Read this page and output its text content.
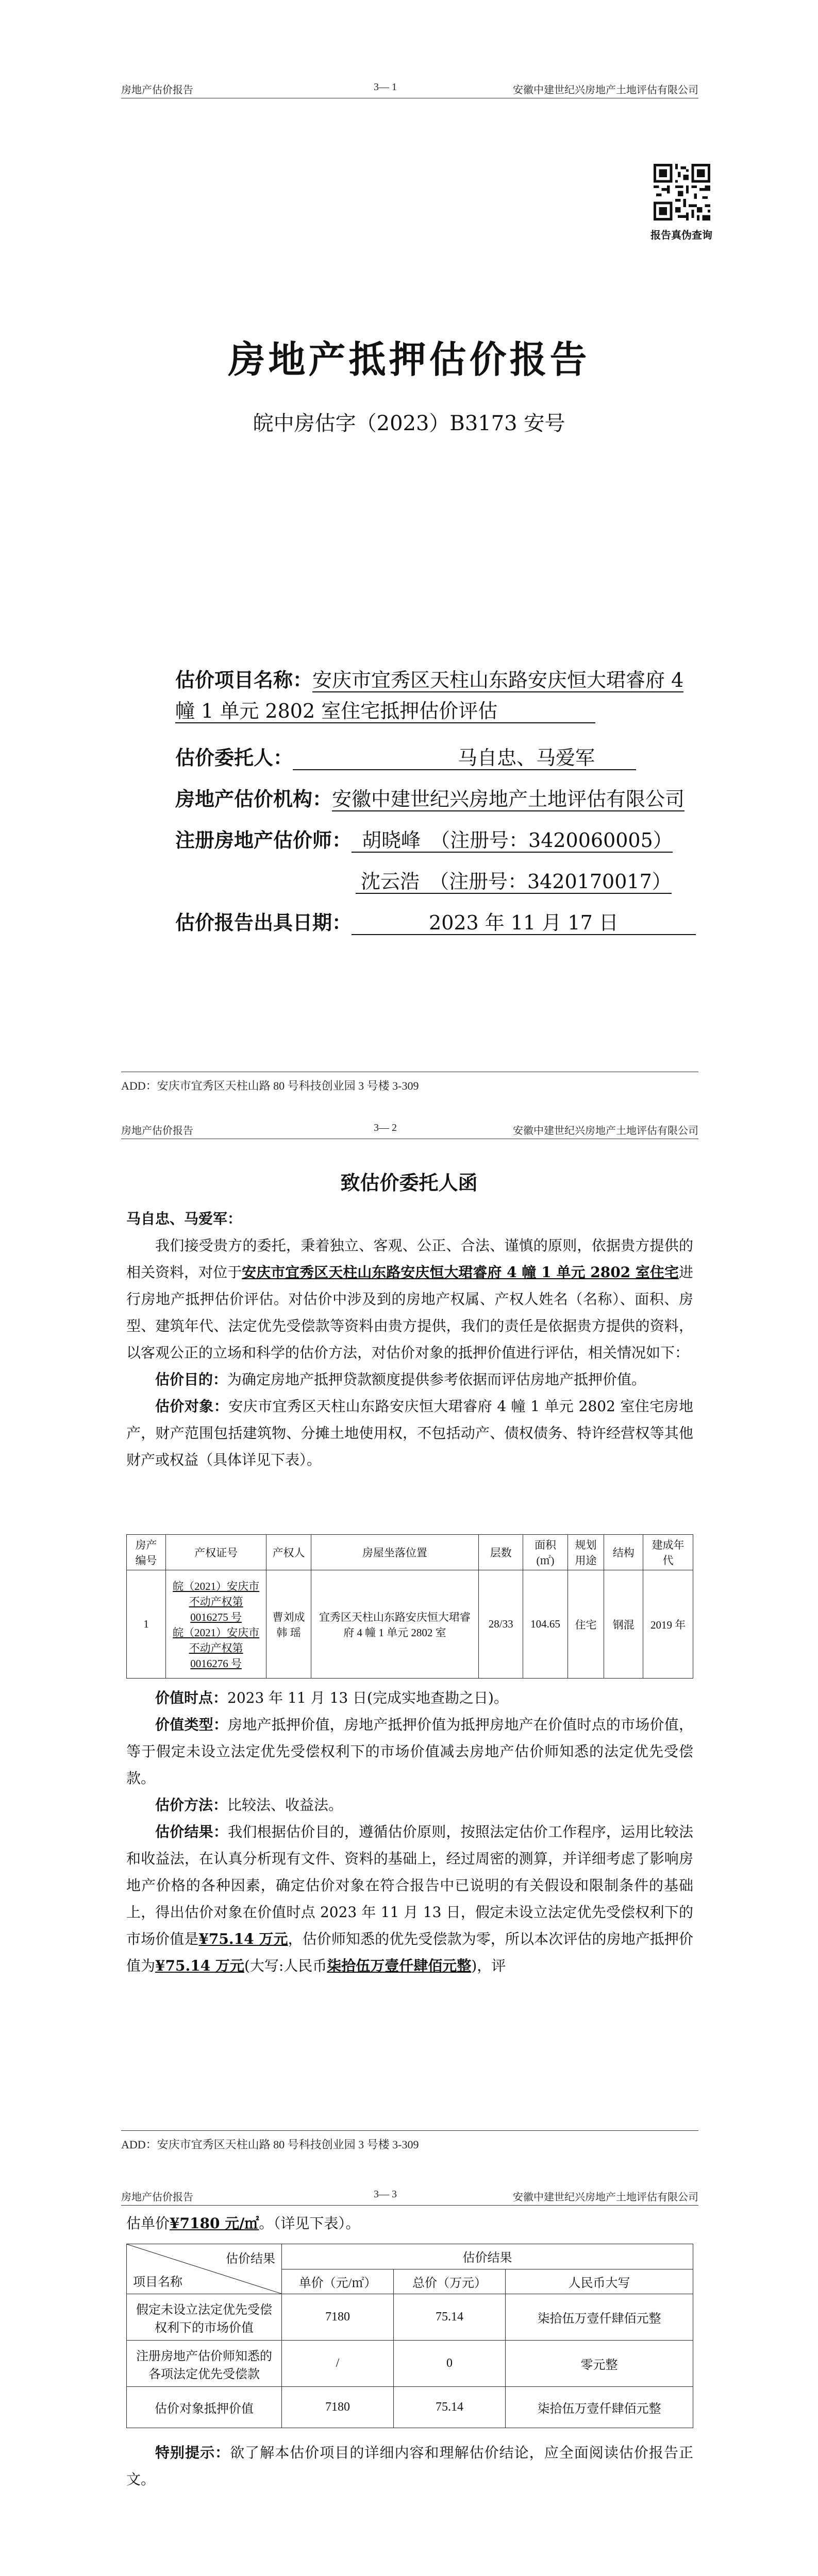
房地产估价报告	3— 1	安徽中建世纪兴房地产土地评估有限公司
报告真伪查询
房地产抵押估价报告
皖中房估字（2023）B3173 安号
估价项目名称：安庆市宜秀区天柱山东路安庆恒大珺睿府 4
幢 1 单元 2802 室住宅抵押估价评估
估价委托人：	马自忠、马爱军
房地产估价机构：安徽中建世纪兴房地产土地评估有限公司
注册房地产估价师： 胡晓峰　（注册号：3420060005）
沈云浩　（注册号：3420170017）
估价报告出具日期：	2023 年 11 月 17 日
ADD：安庆市宜秀区天柱山路 80 号科技创业园 3 号楼 3-309
房地产估价报告	3— 2	安徽中建世纪兴房地产土地评估有限公司
致估价委托人函
马自忠、马爱军：

我们接受贵方的委托，秉着独立、客观、公正、合法、谨慎的原则，依据贵方提供的相关资料，对位于安庆市宜秀区天柱山东路安庆恒大珺睿府 4 幢 1 单元 2802 室住宅进行房地产抵押估价评估。对估价中涉及到的房地产权属、产权人姓名（名称）、面积、房型、建筑年代、法定优先受偿款等资料由贵方提供，我们的责任是依据贵方提供的资料，以客观公正的立场和科学的估价方法，对估价对象的抵押价值进行评估，相关情况如下：

估价目的：为确定房地产抵押贷款额度提供参考依据而评估房地产抵押价值。

估价对象：安庆市宜秀区天柱山东路安庆恒大珺睿府 4 幢 1 单元 2802 室住宅房地产，财产范围包括建筑物、分摊土地使用权，不包括动产、债权债务、特许经营权等其他财产或权益（具体详见下表）。

房产编号	产权证号	产权人	房屋坐落位置	层数	面积(㎡)	规划用途	结构	建成年代
1	皖（2021）安庆市不动产权第 0016275 号
皖（2021）安庆市不动产权第 0016276 号	曹刘成 韩 瑶	宜秀区天柱山东路安庆恒大珺睿府 4 幢 1 单元 2802 室	28/33	104.65	住宅	钢混	2019 年

价值时点：2023 年 11 月 13 日(完成实地查勘之日)。

价值类型：房地产抵押价值，房地产抵押价值为抵押房地产在价值时点的市场价值，等于假定未设立法定优先受偿权利下的市场价值减去房地产估价师知悉的法定优先受偿款。

估价方法：比较法、收益法。

估价结果：我们根据估价目的，遵循估价原则，按照法定估价工作程序，运用比较法和收益法，在认真分析现有文件、资料的基础上，经过周密的测算，并详细考虑了影响房地产价格的各种因素，确定估价对象在符合报告中已说明的有关假设和限制条件的基础上，得出估价对象在价值时点 2023 年 11 月 13 日，假定未设立法定优先受偿权利下的市场价值是¥75.14 万元，估价师知悉的优先受偿款为零，所以本次评估的房地产抵押价值为¥75.14 万元(大写:人民币柒拾伍万壹仟肆佰元整)，评

ADD：安庆市宜秀区天柱山路 80 号科技创业园 3 号楼 3-309
房地产估价报告	3— 3	安徽中建世纪兴房地产土地评估有限公司
估单价¥7180 元/㎡。（详见下表）。
估价结果
项目名称	估价结果		
	单价（元/㎡）	总价（万元）	人民币大写
假定未设立法定优先受偿权利下的市场价值	7180	75.14	柒拾伍万壹仟肆佰元整
注册房地产估价师知悉的各项法定优先受偿款	/	0	零元整
估价对象抵押价值	7180	75.14	柒拾伍万壹仟肆佰元整

特别提示：欲了解本估价项目的详细内容和理解估价结论，应全面阅读估价报告正文。
